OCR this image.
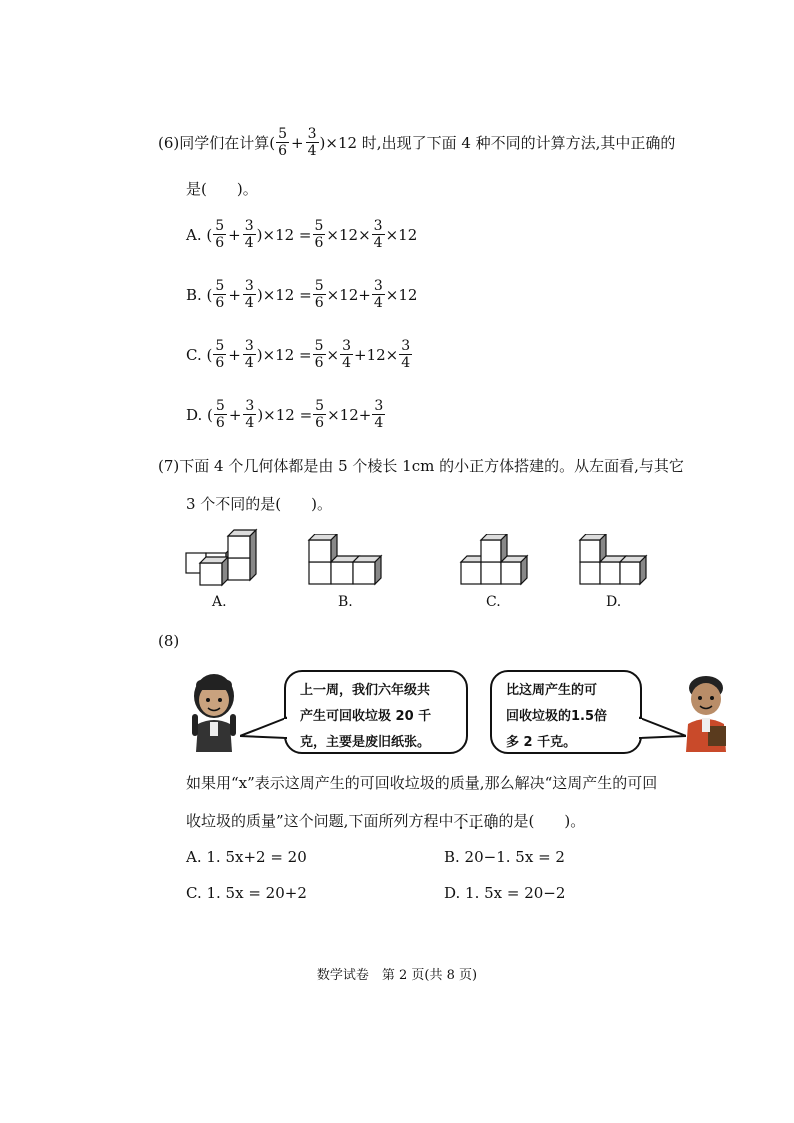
(6) 同学们在计算( $\frac{5}{6} + \frac{3}{4} )\times 12$ 时,出现了下面 4 种不同的计算方法,其中正确的
是(　　)。
A. ( $\frac{5}{6} + \frac{3}{4} )\times 12 = \frac{5}{6} \times 12\times \frac{3}{4} \times 12$
B. ( $\frac{5}{6} + \frac{3}{4} )\times 12 = \frac{5}{6} \times 12+ \frac{3}{4} \times 12$
C. ( $\frac{5}{6} + \frac{3}{4} )\times 12 = \frac{5}{6} \times \frac{3}{4} +12\times \frac{3}{4}$
D. ( $\frac{5}{6} + \frac{3}{4} )\times 12 = \frac{5}{6} \times 12+ \frac{3}{4}$
(7)下面 4 个几何体都是由 5 个棱长 1cm 的小正方体搭建的。从左面看,与其它
3 个不同的是(　　)。
A.	B.	C.	D.
(8)
上一周，我们六年级共
产生可回收垃圾 20 千
克，主要是废旧纸张。
比这周产生的可
回收垃圾的1.5倍
多 2 千克。
如果用“x”表示这周产生的可回收垃圾的质量,那么解决“这周产生的可回
收垃圾的质量”这个问题,下面所列方程中 不 • 正 • 确 • 的是(　　)。
A. 1. 5x+2 = 20	B. 20−1. 5x = 2
C. 1. 5x = 20+2	D. 1. 5x = 20−2
数学试卷　第 2 页(共 8 页)
